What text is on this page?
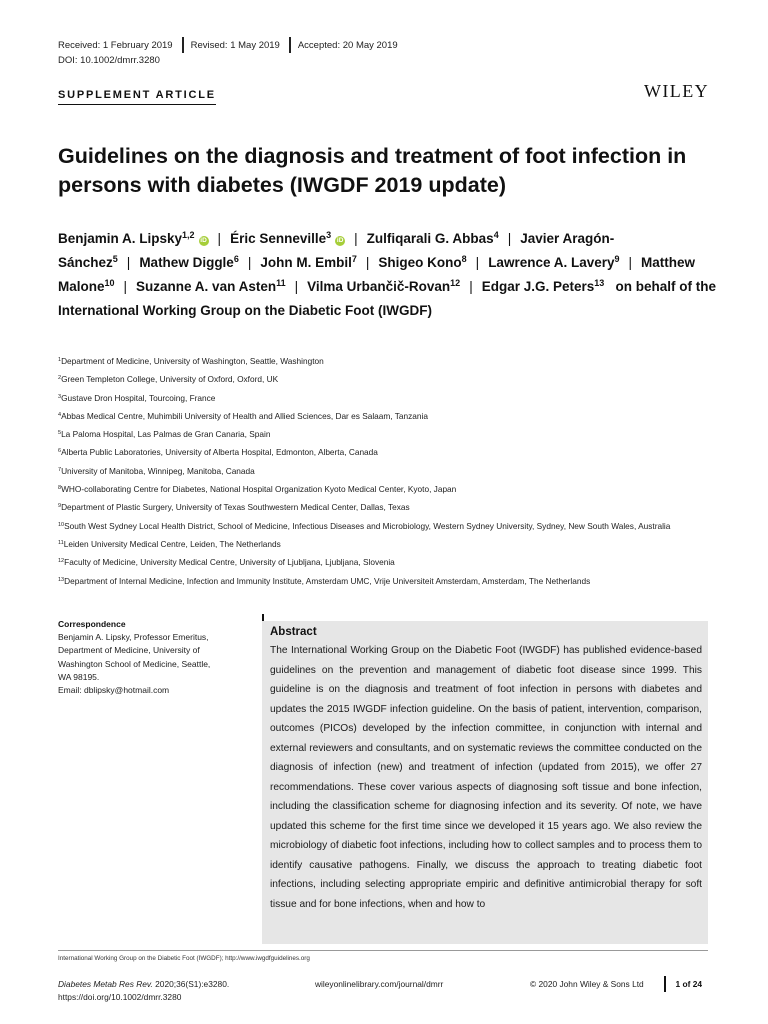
Received: 1 February 2019 Revised: 1 May 2019 Accepted: 20 May 2019
DOI: 10.1002/dmrr.3280
SUPPLEMENT ARTICLE	WILEY
Guidelines on the diagnosis and treatment of foot infection in persons with diabetes (IWGDF 2019 update)
Benjamin A. Lipsky$^{1,2}$iD | Éric Senneville$^3$iD | Zulfiqarali G. Abbas$^4$ | Javier Aragón-Sánchez$^5$ | Mathew Diggle$^6$ | John M. Embil$^7$ | Shigeo Kono$^8$ | Lawrence A. Lavery$^9$ | Matthew Malone$^{10}$ | Suzanne A. van Asten$^{11}$ | Vilma Urbančič-Rovan$^{12}$ | Edgar J.G. Peters$^{13}$ on behalf of the International Working Group on the Diabetic Foot (IWGDF)
$^1$Department of Medicine, University of Washington, Seattle, Washington
$^2$Green Templeton College, University of Oxford, Oxford, UK
$^3$Gustave Dron Hospital, Tourcoing, France
$^4$Abbas Medical Centre, Muhimbili University of Health and Allied Sciences, Dar es Salaam, Tanzania
$^5$La Paloma Hospital, Las Palmas de Gran Canaria, Spain
$^6$Alberta Public Laboratories, University of Alberta Hospital, Edmonton, Alberta, Canada
$^7$University of Manitoba, Winnipeg, Manitoba, Canada
$^8$WHO-collaborating Centre for Diabetes, National Hospital Organization Kyoto Medical Center, Kyoto, Japan
$^9$Department of Plastic Surgery, University of Texas Southwestern Medical Center, Dallas, Texas
$^{10}$South West Sydney Local Health District, School of Medicine, Infectious Diseases and Microbiology, Western Sydney University, Sydney, New South Wales, Australia
$^{11}$Leiden University Medical Centre, Leiden, The Netherlands
$^{12}$Faculty of Medicine, University Medical Centre, University of Ljubljana, Ljubljana, Slovenia
$^{13}$Department of Internal Medicine, Infection and Immunity Institute, Amsterdam UMC, Vrije Universiteit Amsterdam, Amsterdam, The Netherlands
Correspondence
Benjamin A. Lipsky, Professor Emeritus,
Department of Medicine, University of
Washington School of Medicine, Seattle,
WA 98195.
Email: dblipsky@hotmail.com
Abstract

The International Working Group on the Diabetic Foot (IWGDF) has published evidence-based guidelines on the prevention and management of diabetic foot disease since 1999. This guideline is on the diagnosis and treatment of foot infection in persons with diabetes and updates the 2015 IWGDF infection guideline. On the basis of patient, intervention, comparison, outcomes (PICOs) developed by the infection committee, in conjunction with internal and external reviewers and consultants, and on systematic reviews the committee conducted on the diagnosis of infection (new) and treatment of infection (updated from 2015), we offer 27 recommendations. These cover various aspects of diagnosing soft tissue and bone infection, including the classification scheme for diagnosing infection and its severity. Of note, we have updated this scheme for the first time since we developed it 15 years ago. We also review the microbiology of diabetic foot infections, including how to collect samples and to process them to identify causative pathogens. Finally, we discuss the approach to treating diabetic foot infections, including selecting appropriate empiric and definitive antimicrobial therapy for soft tissue and for bone infections, when and how to

International Working Group on the Diabetic Foot (IWGDF); http://www.iwgdfguidelines.org
Diabetes Metab Res Rev. 2020;36(S1):e3280.
https://doi.org/10.1002/dmrr.3280
wileyonlinelibrary.com/journal/dmrr	© 2020 John Wiley & Sons Ltd	1 of 24
